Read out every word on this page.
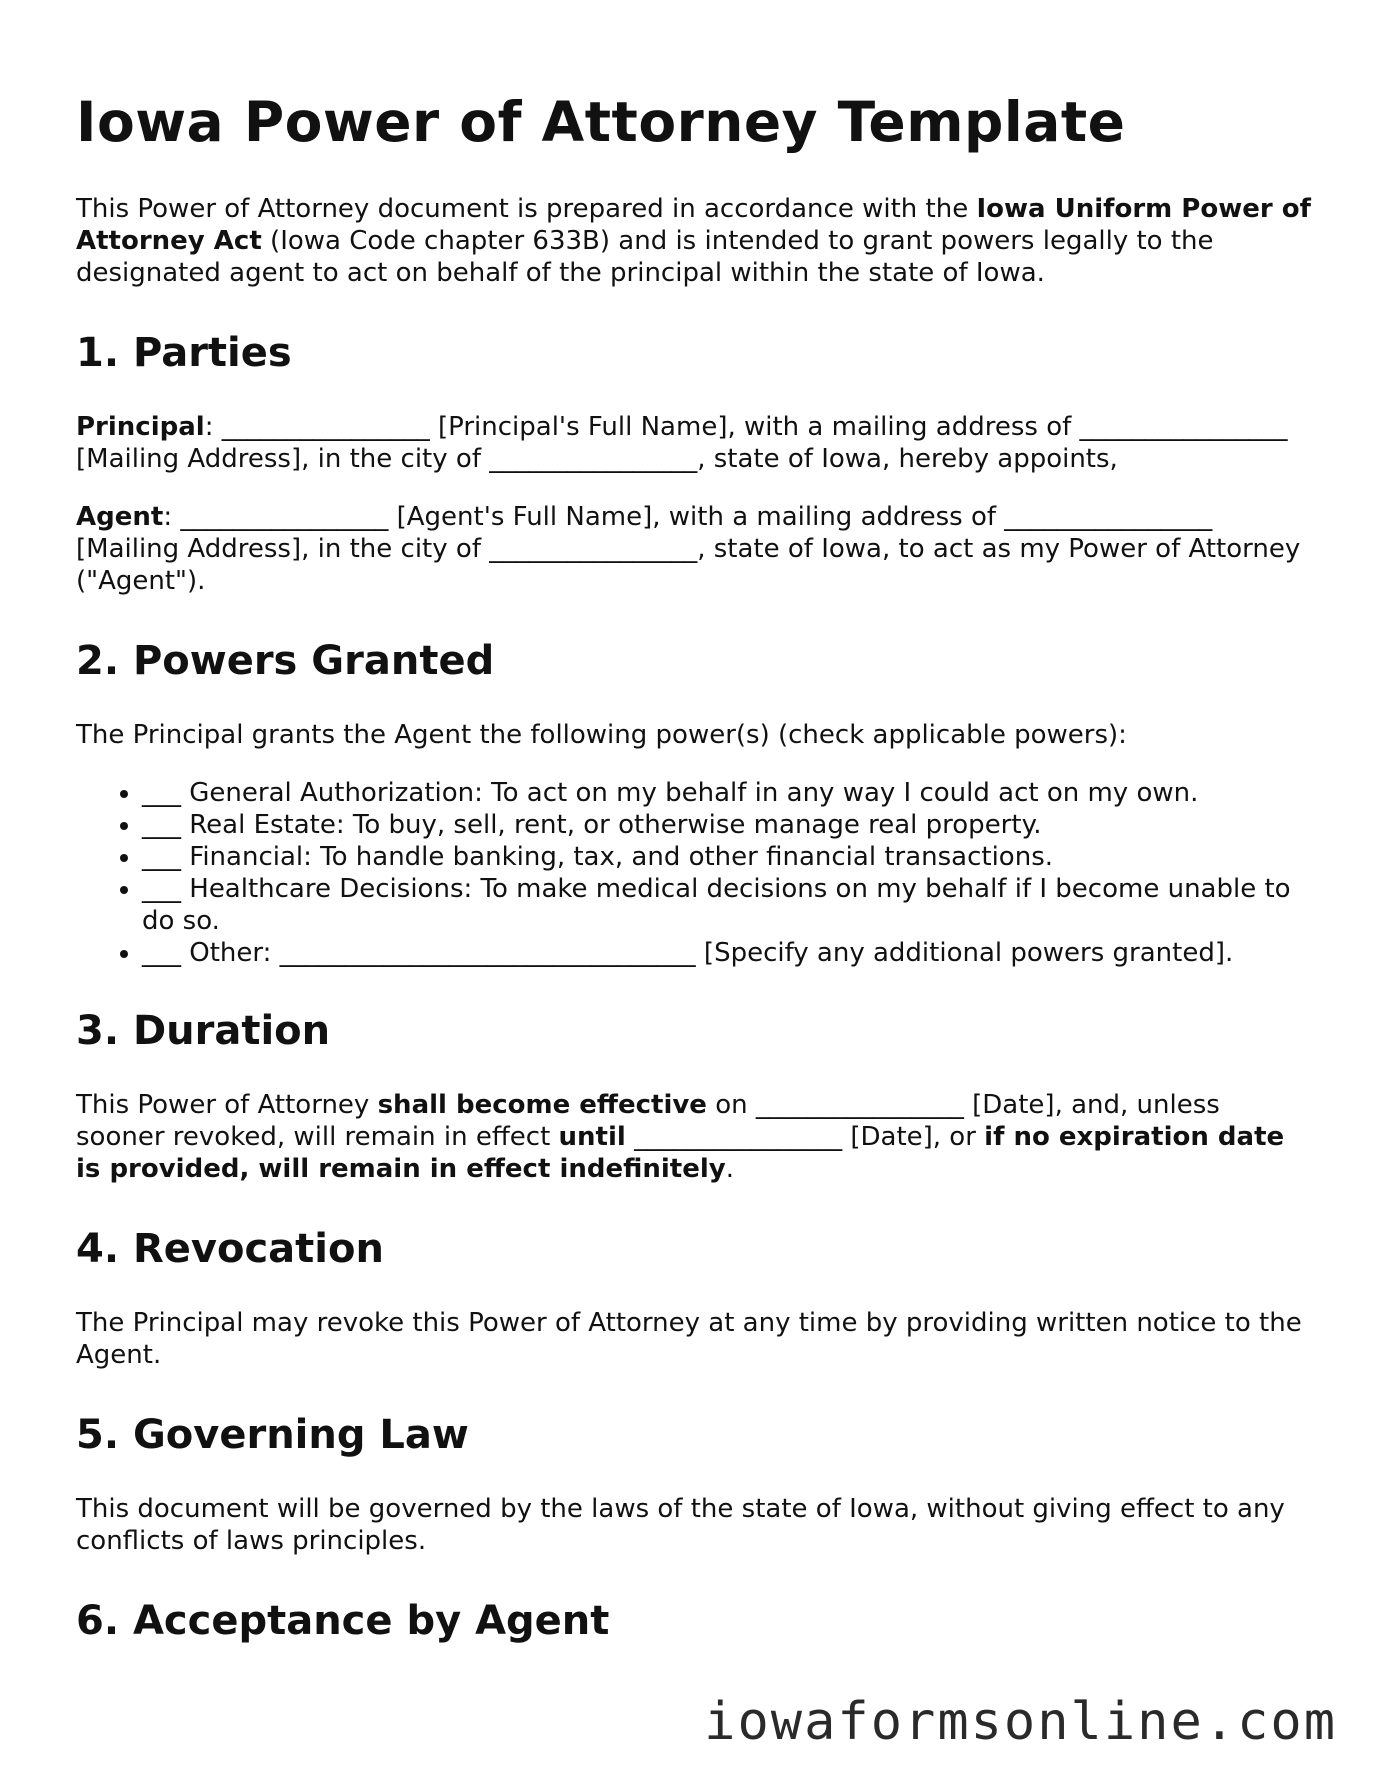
Iowa Power of Attorney Template

This Power of Attorney document is prepared in accordance with the Iowa Uniform Power of Attorney Act (Iowa Code chapter 633B) and is intended to grant powers legally to the designated agent to act on behalf of the principal within the state of Iowa.

1. Parties

Principal: ________________ [Principal's Full Name], with a mailing address of ________________ [Mailing Address], in the city of ________________, state of Iowa, hereby appoints,

Agent: ________________ [Agent's Full Name], with a mailing address of ________________ [Mailing Address], in the city of ________________, state of Iowa, to act as my Power of Attorney ("Agent").

2. Powers Granted

The Principal grants the Agent the following power(s) (check applicable powers):

• ___ General Authorization: To act on my behalf in any way I could act on my own.
• ___ Real Estate: To buy, sell, rent, or otherwise manage real property.
• ___ Financial: To handle banking, tax, and other financial transactions.
• ___ Healthcare Decisions: To make medical decisions on my behalf if I become unable to do so.
• ___ Other: ________________________________ [Specify any additional powers granted].
3. Duration

This Power of Attorney shall become effective on ________________ [Date], and, unless sooner revoked, will remain in effect until ________________ [Date], or if no expiration date is provided, will remain in effect indefinitely.

4. Revocation

The Principal may revoke this Power of Attorney at any time by providing written notice to the Agent.

5. Governing Law

This document will be governed by the laws of the state of Iowa, without giving effect to any conflicts of laws principles.

6. Acceptance by Agent
iowaformsonline.com
